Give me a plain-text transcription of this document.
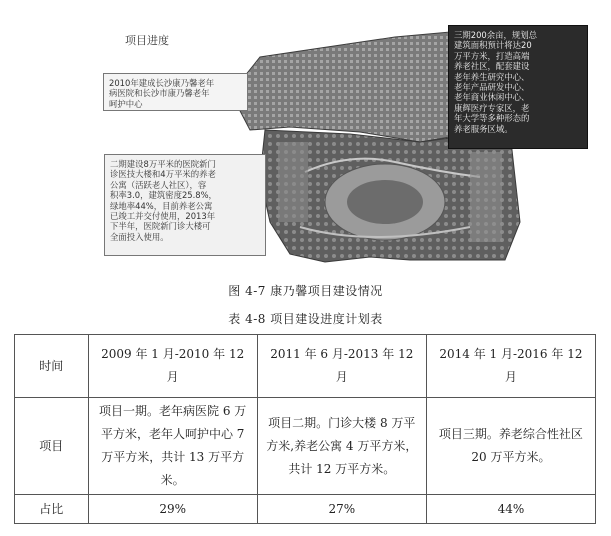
项目进度
2010年建成长沙康乃馨老年
病医院和长沙市康乃馨老年
呵护中心
二期建设8万平米的医院新门
诊医技大楼和4万平米的养老
公寓（活跃老人社区），容
积率3.0，建筑密度25.8%，
绿地率44%，目前养老公寓
已竣工并交付使用，2013年
下半年，医院新门诊大楼可
全面投入使用。
三期200余亩，规划总
建筑面积预计将达20
万平方米，打造高端
养老社区，配套建设
老年养生研究中心、
老年产品研发中心、
老年商业休闲中心、
康辉医疗专家区，老
年大学等多种形态的
养老服务区域。
图 4-7 康乃馨项目建设情况
表 4-8 项目建设进度计划表
时间	2009 年 1 月-2010 年 12 月	2011 年 6 月-2013 年 12 月	2014 年 1 月-2016 年 12 月
项目	项目一期。老年病医院 6 万平方米，老年人呵护中心 7 万平方米，共计 13 万平方米。	项目二期。门诊大楼 8 万平方米,养老公寓 4 万平方米，共计 12 万平方米。	项目三期。养老综合性社区 20 万平方米。
占比	29%	27%	44%
